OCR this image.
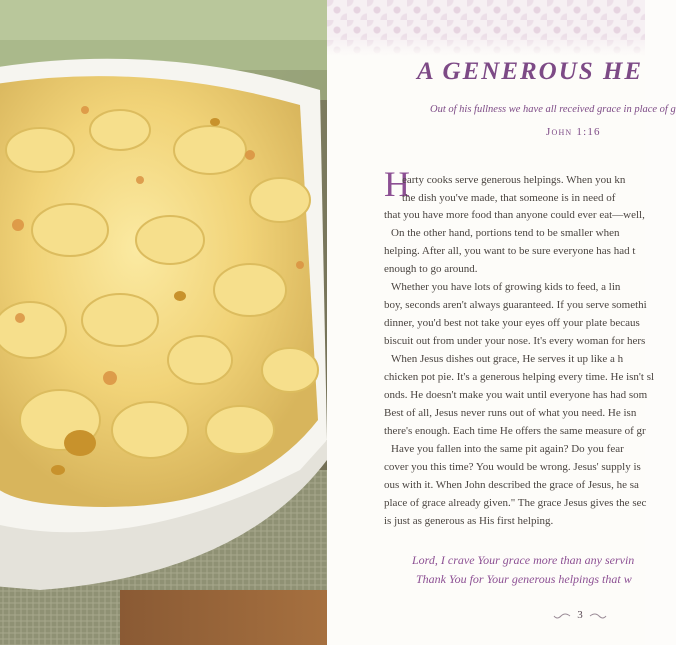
A GENEROUS HE

Out of his fullness we have all received grace in place of g

John 1:16

H

earty cooks serve generous helpings. When you kn

the dish you've made, that someone is in need of

that you have more food than anyone could ever eat—well,

On the other hand, portions tend to be smaller when

helping. After all, you want to be sure everyone has had t

enough to go around.

Whether you have lots of growing kids to feed, a lin

boy, seconds aren't always guaranteed. If you serve somethi

dinner, you'd best not take your eyes off your plate becaus

biscuit out from under your nose. It's every woman for hers

When Jesus dishes out grace, He serves it up like a h

chicken pot pie. It's a generous helping every time. He isn't sl

onds. He doesn't make you wait until everyone has had som

Best of all, Jesus never runs out of what you need. He isn

there's enough. Each time He offers the same measure of gr

Have you fallen into the same pit again? Do you fear

cover you this time? You would be wrong. Jesus' supply is

ous with it. When John described the grace of Jesus, he sa

place of grace already given." The grace Jesus gives the sec

is just as generous as His first helping.

Lord, I crave Your grace more than any servin

Thank You for Your generous helpings that w

3
